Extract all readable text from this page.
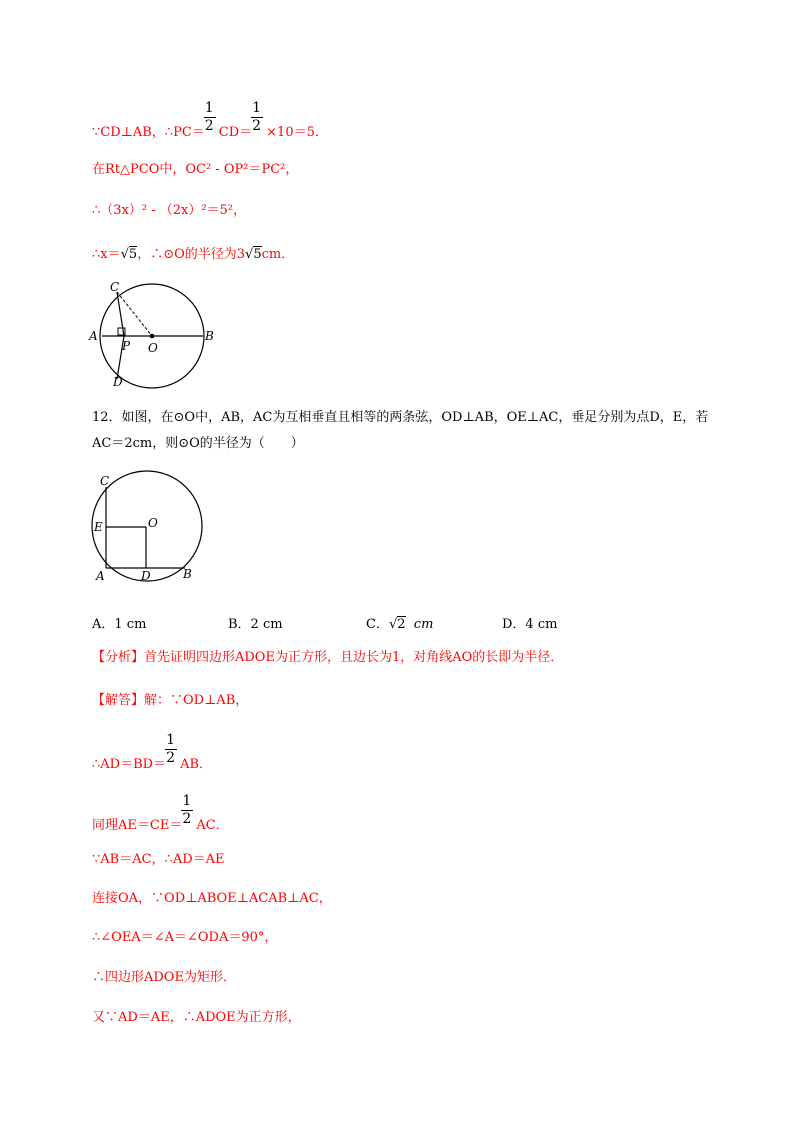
∵CD⊥AB，∴PC＝ $\frac{1}{2} CD= \frac{1}{2} \times 10=5$．
在Rt△PCO中，OC² - OP²＝PC²，
∴（3x）² - （2x）²＝5²，
∴x＝√5，∴⊙O的半径为3√5cm．
C
A
P O
B
D
12．如图，在⊙O中，AB，AC为互相垂直且相等的两条弦，OD⊥AB，OE⊥AC，垂足分别为点D，E，若
AC＝2cm，则⊙O的半径为（　　）
C
E	O
A	D	B
A．1 cm	B．2 cm	C．√2 cm	D．4 cm
【分析】首先证明四边形ADOE为正方形，且边长为1，对角线AO的长即为半径．
【解答】解：∵OD⊥AB，
∴AD＝BD＝ $\frac{1}{2}$ AB．
同理$AE=CE= \frac{1}{2}$ AC．
∵AB＝AC，∴AD＝AE
连接OA，∵OD⊥ABOE⊥ACAB⊥AC，
∴∠OEA＝∠A＝∠ODA＝90°，
∴四边形ADOE为矩形．
又∵AD＝AE，∴ADOE为正方形，
